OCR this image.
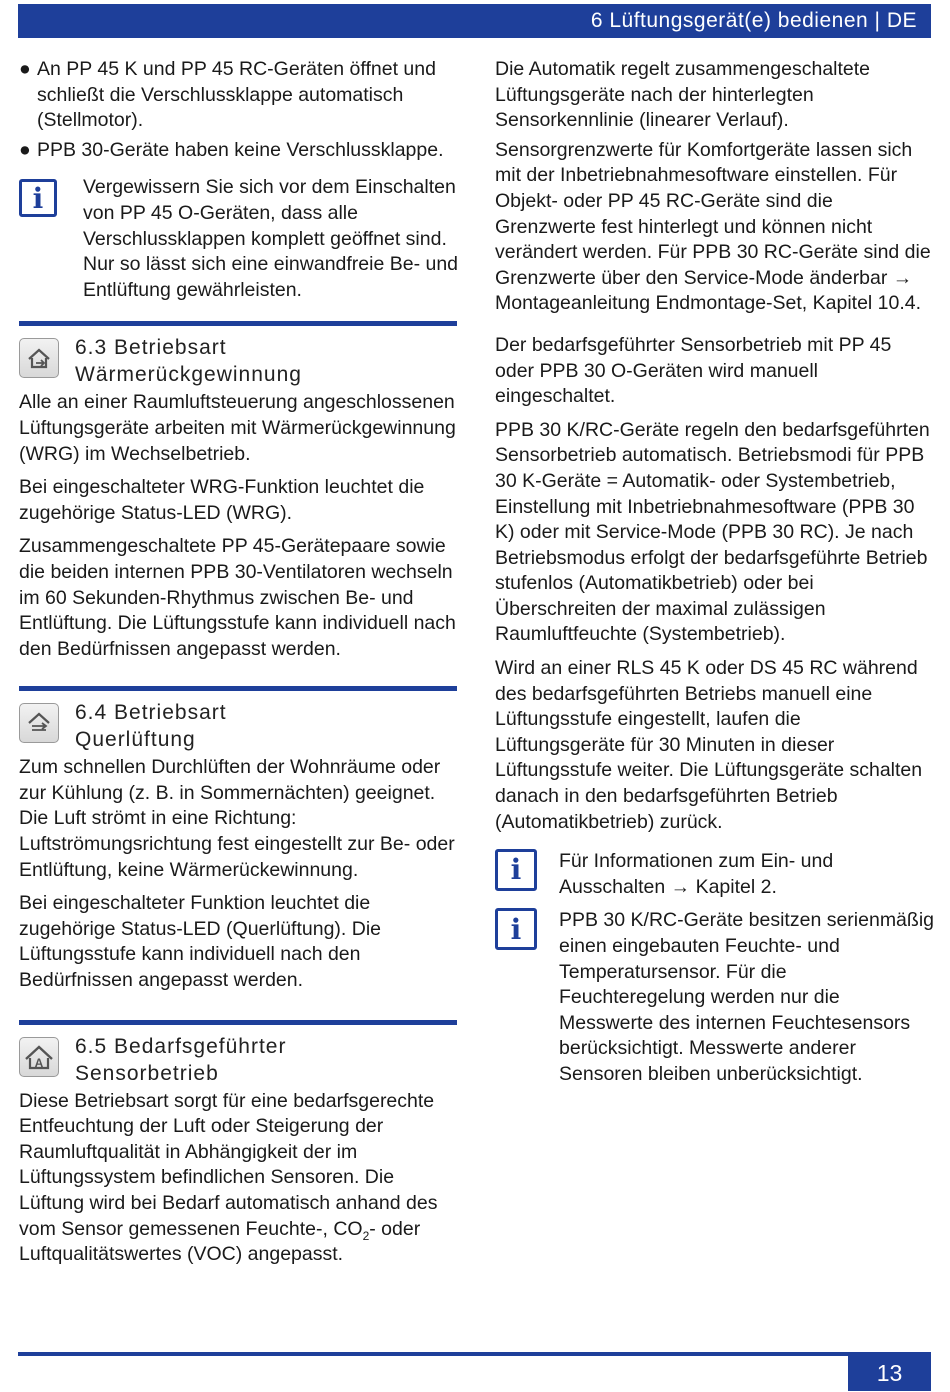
6 Lüftungsgerät(e) bedienen | DE
● An PP 45 K und PP 45 RC-Geräten öffnet und schließt die Verschlussklappe automatisch (Stellmotor).
● PPB 30-Geräte haben keine Verschlussklappe.
i	Vergewissern Sie sich vor dem Einschalten von PP 45 O-Geräten, dass alle Verschlussklappen komplett geöffnet sind. Nur so lässt sich eine einwandfreie Be- und Entlüftung gewährleisten.
6.3 Betriebsart
Wärmerückgewinnung

Alle an einer Raumluftsteuerung angeschlossenen Lüftungsgeräte arbeiten mit Wärmerückgewinnung (WRG) im Wechselbetrieb.

Bei eingeschalteter WRG-Funktion leuchtet die zugehörige Status-LED (WRG).

Zusammengeschaltete PP 45-Gerätepaare sowie die beiden internen PPB 30-Ventilatoren wechseln im 60 Sekunden-Rhythmus zwischen Be- und Entlüftung. Die Lüftungsstufe kann individuell nach den Bedürfnissen angepasst werden.

6.4 Betriebsart
Querlüftung

Zum schnellen Durchlüften der Wohnräume oder zur Kühlung (z. B. in Sommernächten) geeignet. Die Luft strömt in eine Richtung: Luftströmungsrichtung fest eingestellt zur Be- oder Entlüftung, keine Wärmerückewinnung.

Bei eingeschalteter Funktion leuchtet die zugehörige Status-LED (Querlüftung). Die Lüftungsstufe kann individuell nach den Bedürfnissen angepasst werden.

A
6.5 Bedarfsgeführter
Sensorbetrieb

Diese Betriebsart sorgt für eine bedarfsgerechte Entfeuchtung der Luft oder Steigerung der Raumluftqualität in Abhängigkeit der im Lüftungssystem befindlichen Sensoren. Die Lüftung wird bei Bedarf automatisch anhand des vom Sensor gemessenen Feuchte-, $CO_2-$ oder Luftqualitätswertes (VOC) angepasst.

Die Automatik regelt zusammengeschaltete Lüftungsgeräte nach der hinterlegten Sensorkennlinie (linearer Verlauf).

Sensorgrenzwerte für Komfortgeräte lassen sich mit der Inbetriebnahmesoftware einstellen. Für Objekt- oder PP 45 RC-Geräte sind die Grenzwerte fest hinterlegt und können nicht verändert werden. Für PPB 30 RC-Geräte sind die Grenzwerte über den Service-Mode änderbar → Montageanleitung Endmontage-Set, Kapitel 10.4.

Der bedarfsgeführter Sensorbetrieb mit PP 45 oder PPB 30 O-Geräten wird manuell eingeschaltet.

PPB 30 K/RC-Geräte regeln den bedarfsgeführten Sensorbetrieb automatisch. Betriebsmodi für PPB 30 K-Geräte = Automatik- oder Systembetrieb, Einstellung mit Inbetriebnahmesoftware (PPB 30 K) oder mit Service-Mode (PPB 30 RC). Je nach Betriebsmodus erfolgt der bedarfsgeführte Betrieb stufenlos (Automatikbetrieb) oder bei Überschreiten der maximal zulässigen Raumluftfeuchte (Systembetrieb).

Wird an einer RLS 45 K oder DS 45 RC während des bedarfsgeführten Betriebs manuell eine Lüftungsstufe eingestellt, laufen die Lüftungsgeräte für 30 Minuten in dieser Lüftungsstufe weiter. Die Lüftungsgeräte schalten danach in den bedarfsgeführten Betrieb (Automatikbetrieb) zurück.

i	Für Informationen zum Ein- und Ausschalten → Kapitel 2.
i	PPB 30 K/RC-Geräte besitzen serienmäßig einen eingebauten Feuchte- und Temperatursensor. Für die Feuchteregelung werden nur die Messwerte des internen Feuchtesensors berücksichtigt. Messwerte anderer Sensoren bleiben unberücksichtigt.
13
